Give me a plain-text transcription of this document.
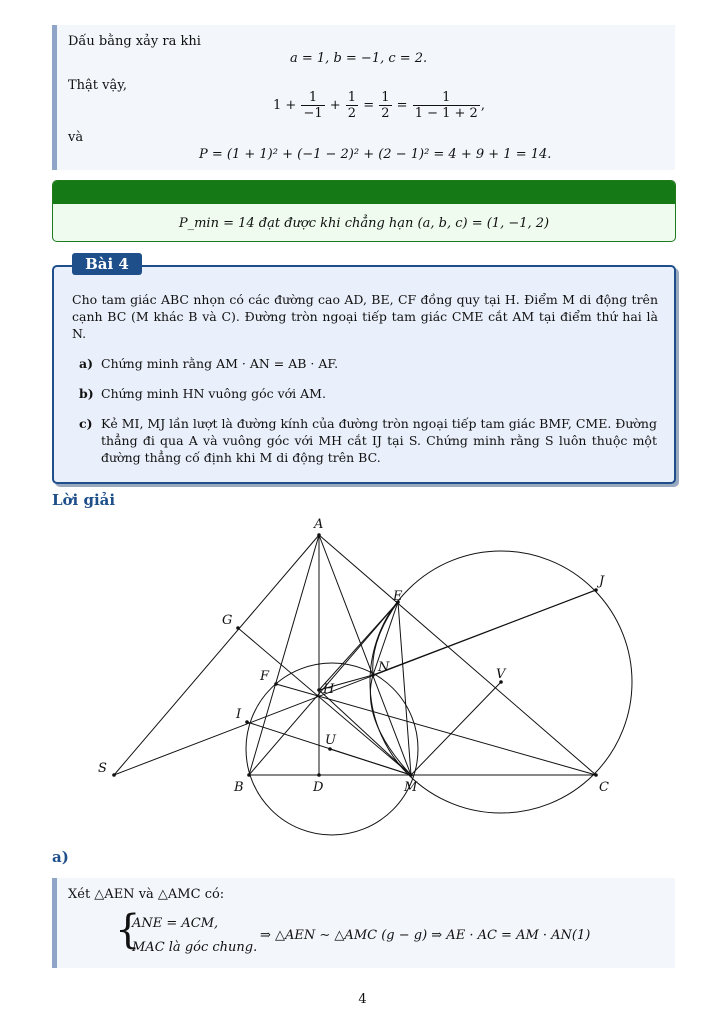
Dấu bằng xảy ra khi
a = 1, b = −1, c = 2.
Thật vậy,
$1 + \frac{1}{-1} + \frac{1}{2} = \frac{1}{2} = \frac{1}{1 - 1 + 2}$ ,
và
P = (1 + 1)² + (−1 − 2)² + (2 − 1)² = 4 + 9 + 1 = 14.
Kết quả
P_min = 14 đạt được khi chẳng hạn (a, b, c) = (1, −1, 2)
Cho tam giác ABC nhọn có các đường cao AD, BE, CF đồng quy tại H. Điểm M di động trên cạnh BC (M khác B và C). Đường tròn ngoại tiếp tam giác CME cắt AM tại điểm thứ hai là N.
a) Chứng minh rằng AM · AN = AB · AF.
b) Chứng minh HN vuông góc với AM.
c) Kẻ MI, MJ lần lượt là đường kính của đường tròn ngoại tiếp tam giác BMF, CME. Đường thẳng đi qua A và vuông góc với MH cắt IJ tại S. Chứng minh rằng S luôn thuộc một đường thẳng cố định khi M di động trên BC.
Bài 4
Lời giải
A
B	C
D
E
F
G
H
I
J
M
N
S
U
V
a)
Xét △AEN và △AMC có:
{
ANE = ACM,
MAC là góc chung.
⇒ △AEN ∼ △AMC (g − g) ⇒ AE · AC = AM · AN(1)
4
